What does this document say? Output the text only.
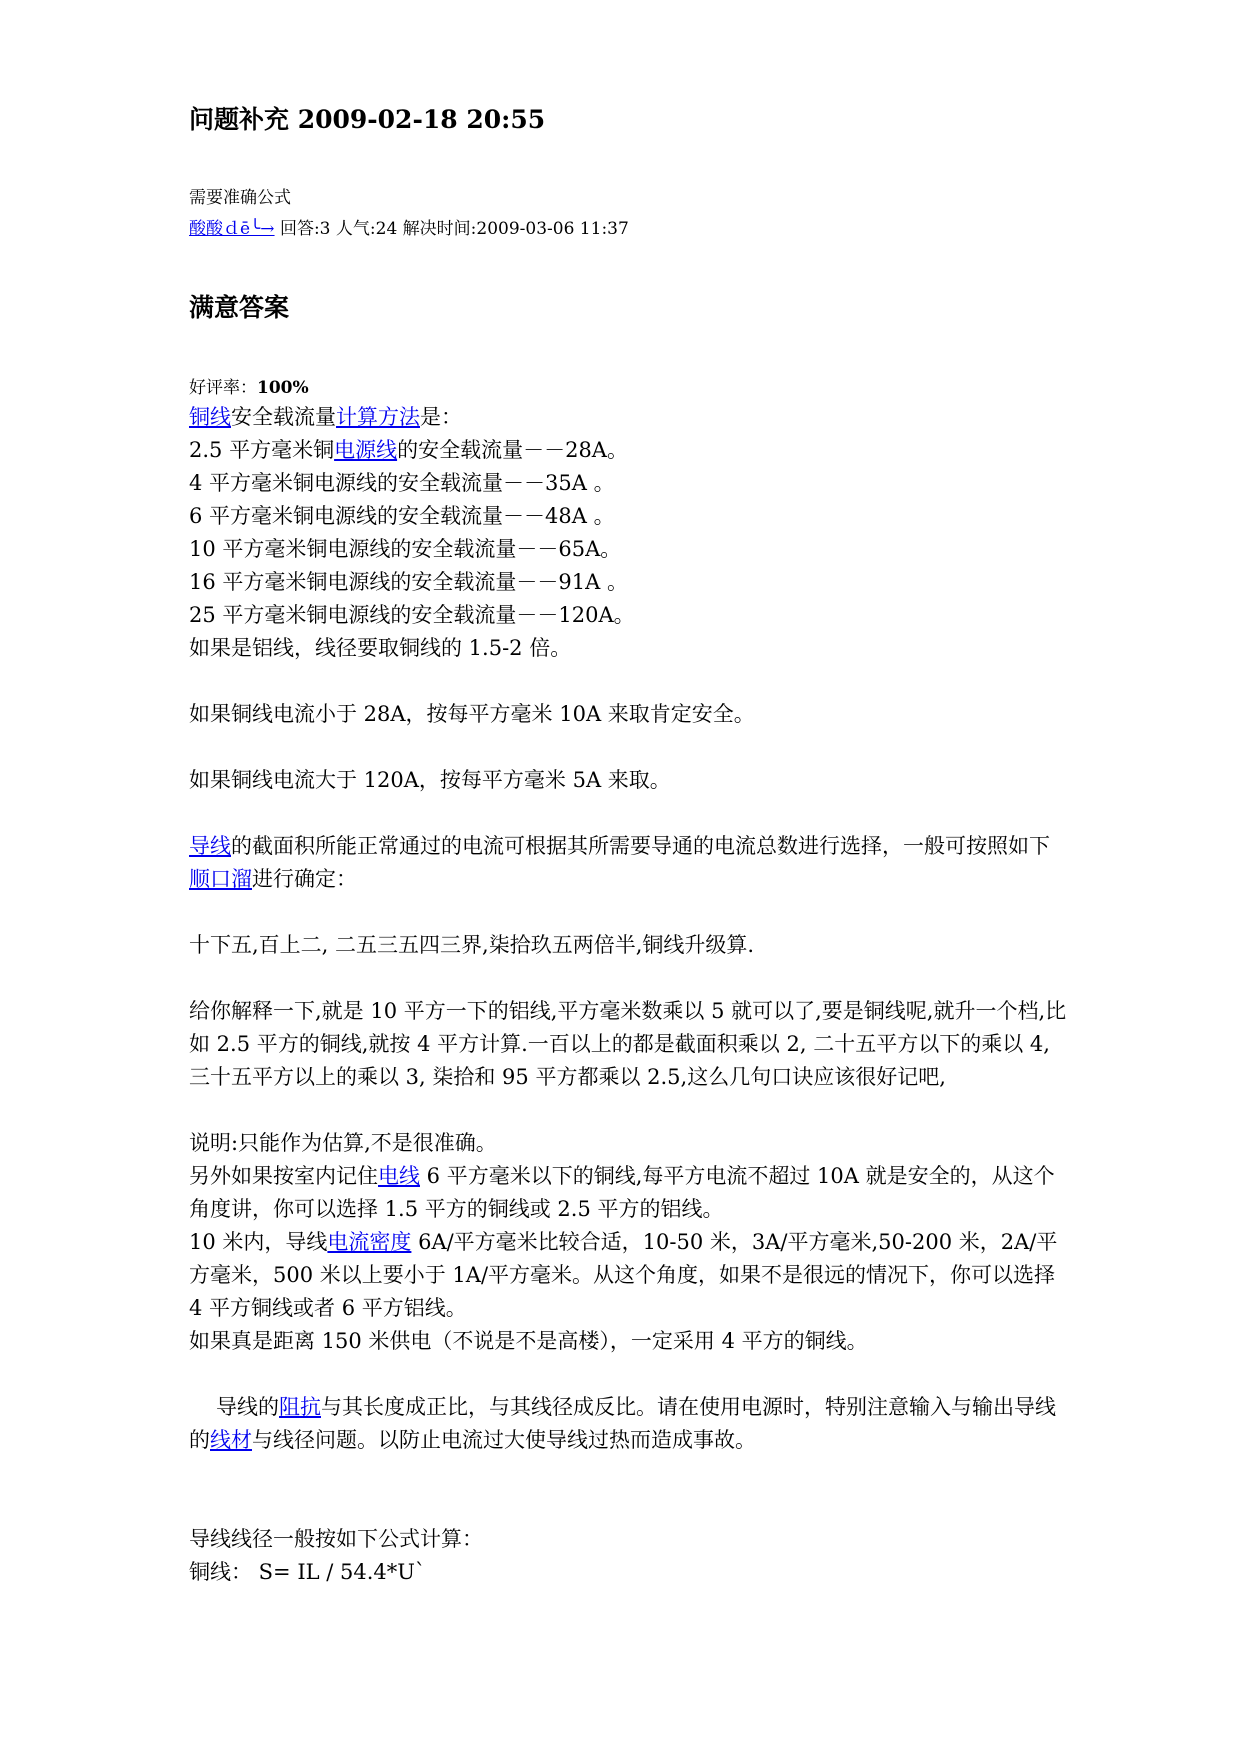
问题补充 2009-02-18 20:55
需要准确公式
酸酸ｄē╰→ 回答:3 人气:24 解决时间:2009-03-06 11:37
满意答案
好评率：100%

铜线安全载流量计算方法是：

2.5 平方毫米铜电源线的安全载流量－－28A。

4 平方毫米铜电源线的安全载流量－－35A 。

6 平方毫米铜电源线的安全载流量－－48A 。

10 平方毫米铜电源线的安全载流量－－65A。

16 平方毫米铜电源线的安全载流量－－91A 。

25 平方毫米铜电源线的安全载流量－－120A。

如果是铝线，线径要取铜线的 1.5-2 倍。

如果铜线电流小于 28A，按每平方毫米 10A 来取肯定安全。

如果铜线电流大于 120A，按每平方毫米 5A 来取。

导线的截面积所能正常通过的电流可根据其所需要导通的电流总数进行选择，一般可按照如下顺口溜进行确定：

十下五,百上二, 二五三五四三界,柒拾玖五两倍半,铜线升级算.

给你解释一下,就是 10 平方一下的铝线,平方毫米数乘以 5 就可以了,要是铜线呢,就升一个档,比如 2.5 平方的铜线,就按 4 平方计算.一百以上的都是截面积乘以 2, 二十五平方以下的乘以 4, 三十五平方以上的乘以 3, 柒拾和 95 平方都乘以 2.5,这么几句口诀应该很好记吧,

说明:只能作为估算,不是很准确。

另外如果按室内记住电线 6 平方毫米以下的铜线,每平方电流不超过 10A 就是安全的，从这个角度讲，你可以选择 1.5 平方的铜线或 2.5 平方的铝线。

10 米内，导线电流密度 6A/平方毫米比较合适，10-50 米，3A/平方毫米,50-200 米，2A/平方毫米，500 米以上要小于 1A/平方毫米。从这个角度，如果不是很远的情况下，你可以选择 4 平方铜线或者 6 平方铝线。

如果真是距离 150 米供电（不说是不是高楼），一定采用 4 平方的铜线。

导线的阻抗与其长度成正比，与其线径成反比。请在使用电源时，特别注意输入与输出导线的线材与线径问题。以防止电流过大使导线过热而造成事故。

导线线径一般按如下公式计算：

铜线： S= IL / 54.4*U`
